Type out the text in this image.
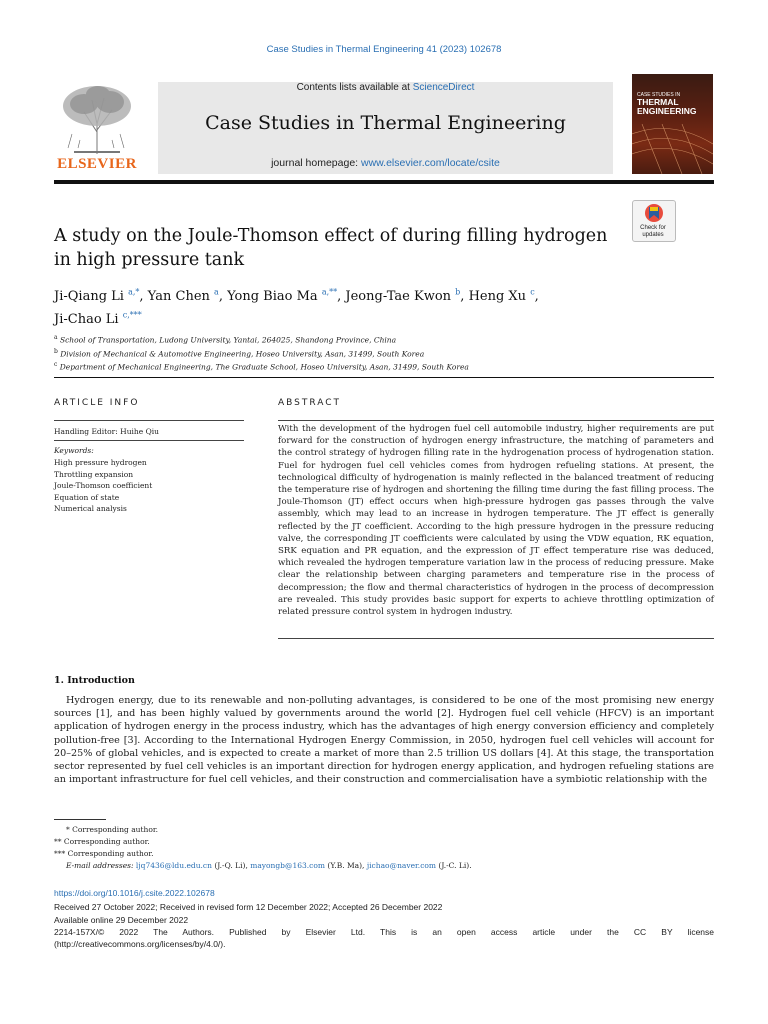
Case Studies in Thermal Engineering 41 (2023) 102678
ELSEVIER
Contents lists available at ScienceDirect
Case Studies in Thermal Engineering
journal homepage: www.elsevier.com/locate/csite
CASE STUDIES IN
THERMAL
ENGINEERING
Check for updates
A study on the Joule-Thomson effect of during filling hydrogen in high pressure tank
Ji-Qiang Li $^{a,*}$, Yan Chen $^a$, Yong Biao Ma $^{a,**}$, Jeong-Tae Kwon $^b$, Heng Xu $^c$,
Ji-Chao Li $^{c,***}$
$^a$ School of Transportation, Ludong University, Yantai, 264025, Shandong Province, China
$^b$ Division of Mechanical & Automotive Engineering, Hoseo University, Asan, 31499, South Korea
$^c$ Department of Mechanical Engineering, The Graduate School, Hoseo University, Asan, 31499, South Korea
ARTICLE INFO	ABSTRACT
Handling Editor: Huihe Qiu
Keywords:
High pressure hydrogen
Throttling expansion
Joule-Thomson coefficient
Equation of state
Numerical analysis
With the development of the hydrogen fuel cell automobile industry, higher requirements are put forward for the construction of hydrogen energy infrastructure, the matching of parameters and the control strategy of hydrogen filling rate in the hydrogenation process of hydrogenation station. Fuel for hydrogen fuel cell vehicles comes from hydrogen refueling stations. At present, the technological difficulty of hydrogenation is mainly reflected in the balanced treatment of reducing the temperature rise of hydrogen and shortening the filling time during the fast filling process. The Joule-Thomson (JT) effect occurs when high-pressure hydrogen gas passes through the valve assembly, which may lead to an increase in hydrogen temperature. The JT effect is generally reflected by the JT coefficient. According to the high pressure hydrogen in the pressure reducing valve, the corresponding JT coefficients were calculated by using the VDW equation, RK equation, SRK equation and PR equation, and the expression of JT effect temperature rise was deduced, which revealed the hydrogen temperature variation law in the process of reducing pressure. Make clear the relationship between charging parameters and temperature rise in the process of decompression; the flow and thermal characteristics of hydrogen in the process of decompression are revealed. This study provides basic support for experts to achieve throttling optimization of related pressure control system in hydrogen industry.
1. Introduction
Hydrogen energy, due to its renewable and non-polluting advantages, is considered to be one of the most promising new energy sources [1], and has been highly valued by governments around the world [2]. Hydrogen fuel cell vehicle (HFCV) is an important application of hydrogen energy in the process industry, which has the advantages of high energy conversion efficiency and completely pollution-free [3]. According to the International Hydrogen Energy Commission, in 2050, hydrogen fuel cell vehicles will account for 20–25% of global vehicles, and is expected to create a market of more than 2.5 trillion US dollars [4]. At this stage, the transportation sector represented by fuel cell vehicles is an important direction for hydrogen energy application, and hydrogen refueling stations are an important infrastructure for fuel cell vehicles, and their construction and commercialisation have a symbiotic relationship with the
* Corresponding author.
** Corresponding author.
*** Corresponding author.
E-mail addresses: ljq7436@ldu.edu.cn (J.-Q. Li), mayongb@163.com (Y.B. Ma), jichao@naver.com (J.-C. Li).
https://doi.org/10.1016/j.csite.2022.102678
Received 27 October 2022; Received in revised form 12 December 2022; Accepted 26 December 2022
Available online 29 December 2022
2214-157X/© 2022 The Authors. Published by Elsevier Ltd. This is an open access article under the CC BY license
(http://creativecommons.org/licenses/by/4.0/).
